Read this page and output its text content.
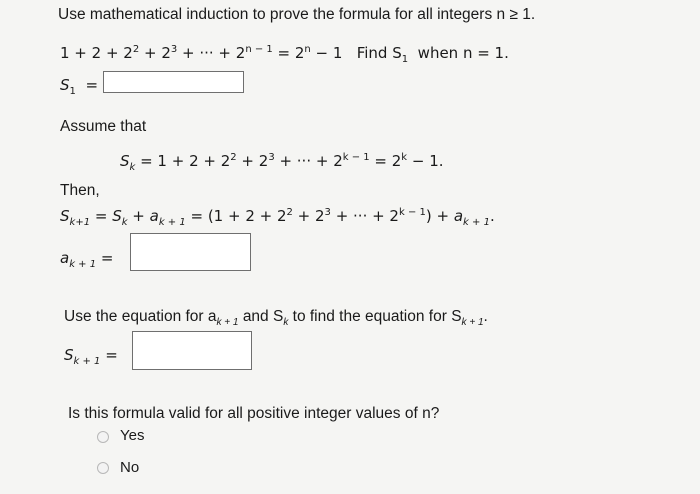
Use mathematical induction to prove the formula for all integers n ≥ 1.
$1 + 2 + 2^2 + 2^3$ + ··· + $2^{n - 1} = 2^n - 1$ Find $S_1$ when n = 1.
$S_1$  =
Assume that
$S_k = 1 + 2 + 2^2 + 2^3$ + ··· + $2^{k - 1} = 2^k - 1$.
Then,
$S_{k+1} = S_k + a_{k + 1} = (1 + 2 + 2^2 + 2^3$ + ··· + $2^{k - 1}) + a_{k + 1}$.
$a_{k + 1}$ =
Use the equation for $a_{k + 1}$ and $S_k$ to find the equation for $S_{k + 1}$.
$S_{k + 1}$ =
Is this formula valid for all positive integer values of n?
Yes
No
